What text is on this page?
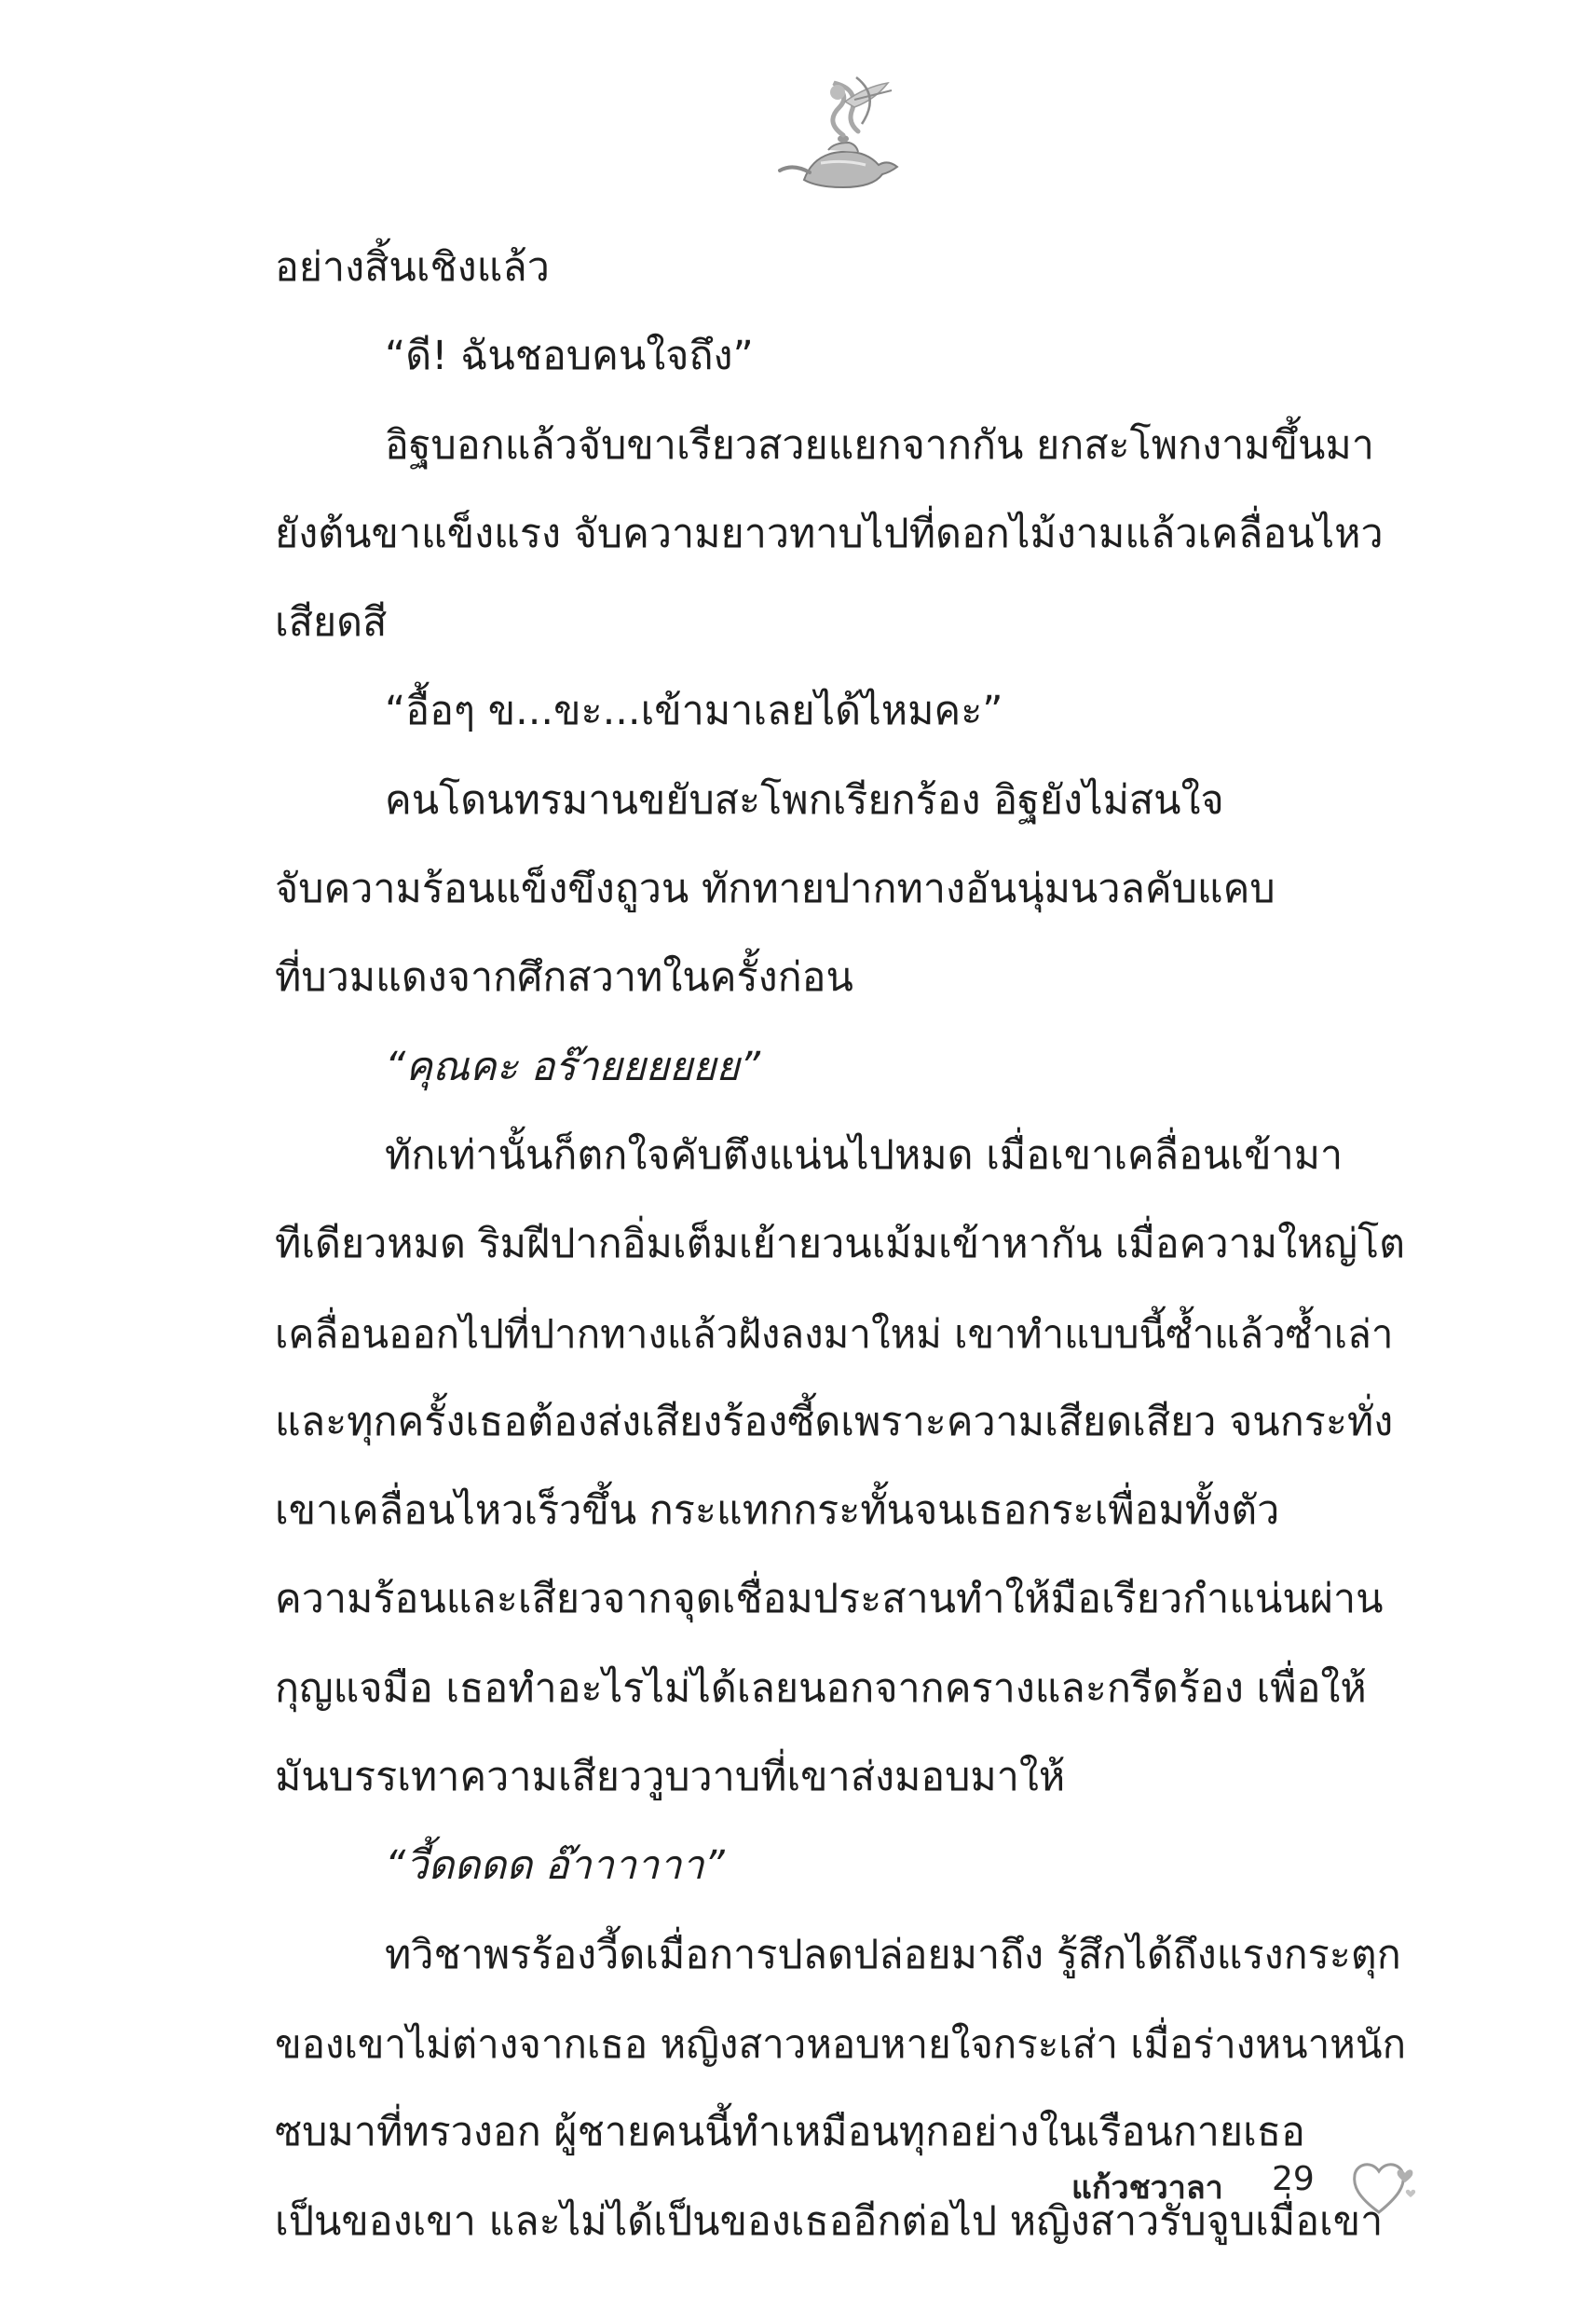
อย่างสิ้นเชิงแล้ว
“ดี! ฉันชอบคนใจถึง”
อิฐบอกแล้วจับขาเรียวสวยแยกจากกัน ยกสะโพกงามขึ้นมา
ยังต้นขาแข็งแรง จับความยาวทาบไปที่ดอกไม้งามแล้วเคลื่อนไหว
เสียดสี
“อื้อๆ ข...ขะ...เข้ามาเลยได้ไหมคะ”
คนโดนทรมานขยับสะโพกเรียกร้อง อิฐยังไม่สนใจ
จับความร้อนแข็งขึงถูวน ทักทายปากทางอันนุ่มนวลคับแคบ
ที่บวมแดงจากศึกสวาทในครั้งก่อน
“คุณคะ อร๊ายยยยยย”
ทักเท่านั้นก็ตกใจคับตึงแน่นไปหมด เมื่อเขาเคลื่อนเข้ามา
ทีเดียวหมด ริมฝีปากอิ่มเต็มเย้ายวนเม้มเข้าหากัน เมื่อความใหญ่โต
เคลื่อนออกไปที่ปากทางแล้วฝังลงมาใหม่ เขาทำแบบนี้ซ้ำแล้วซ้ำเล่า
และทุกครั้งเธอต้องส่งเสียงร้องซี้ดเพราะความเสียดเสียว จนกระทั่ง
เขาเคลื่อนไหวเร็วขึ้น กระแทกกระทั้นจนเธอกระเพื่อมทั้งตัว
ความร้อนและเสียวจากจุดเชื่อมประสานทำให้มือเรียวกำแน่นผ่าน
กุญแจมือ เธอทำอะไรไม่ได้เลยนอกจากครางและกรีดร้อง เพื่อให้
มันบรรเทาความเสียววูบวาบที่เขาส่งมอบมาให้
“วี้ดดดด อ๊าาาาาา”
ทวิชาพรร้องวี้ดเมื่อการปลดปล่อยมาถึง รู้สึกได้ถึงแรงกระตุก
ของเขาไม่ต่างจากเธอ หญิงสาวหอบหายใจกระเส่า เมื่อร่างหนาหนัก
ซบมาที่ทรวงอก ผู้ชายคนนี้ทำเหมือนทุกอย่างในเรือนกายเธอ
เป็นของเขา และไม่ได้เป็นของเธออีกต่อไป หญิงสาวรับจูบเมื่อเขา
แก้วชวาลา 29
